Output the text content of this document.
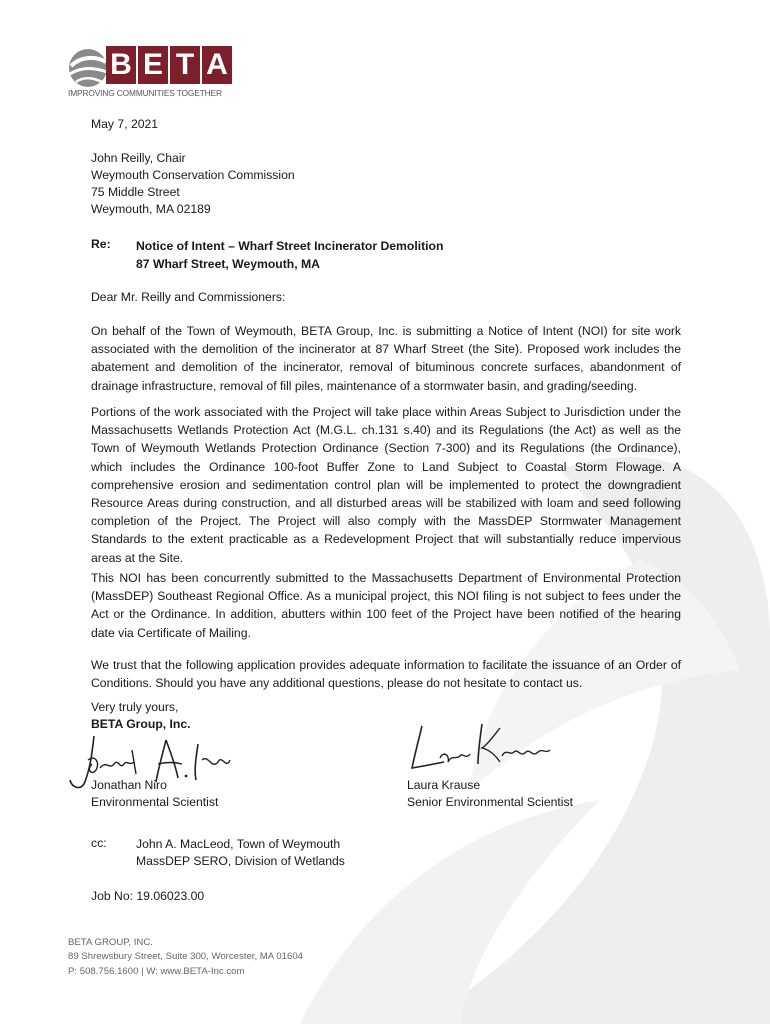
B E T A
IMPROVING COMMUNITIES TOGETHER
May 7, 2021
John Reilly, Chair
Weymouth Conservation Commission
75 Middle Street
Weymouth, MA 02189
Re: Notice of Intent – Wharf Street Incinerator Demolition
87 Wharf Street, Weymouth, MA
Dear Mr. Reilly and Commissioners:
On behalf of the Town of Weymouth, BETA Group, Inc. is submitting a Notice of Intent (NOI) for site work associated with the demolition of the incinerator at 87 Wharf Street (the Site). Proposed work includes the abatement and demolition of the incinerator, removal of bituminous concrete surfaces, abandonment of drainage infrastructure, removal of fill piles, maintenance of a stormwater basin, and grading/seeding.
Portions of the work associated with the Project will take place within Areas Subject to Jurisdiction under the Massachusetts Wetlands Protection Act (M.G.L. ch.131 s.40) and its Regulations (the Act) as well as the Town of Weymouth Wetlands Protection Ordinance (Section 7-300) and its Regulations (the Ordinance), which includes the Ordinance 100-foot Buffer Zone to Land Subject to Coastal Storm Flowage. A comprehensive erosion and sedimentation control plan will be implemented to protect the downgradient Resource Areas during construction, and all disturbed areas will be stabilized with loam and seed following completion of the Project. The Project will also comply with the MassDEP Stormwater Management Standards to the extent practicable as a Redevelopment Project that will substantially reduce impervious areas at the Site.
This NOI has been concurrently submitted to the Massachusetts Department of Environmental Protection (MassDEP) Southeast Regional Office. As a municipal project, this NOI filing is not subject to fees under the Act or the Ordinance. In addition, abutters within 100 feet of the Project have been notified of the hearing date via Certificate of Mailing.
We trust that the following application provides adequate information to facilitate the issuance of an Order of Conditions. Should you have any additional questions, please do not hesitate to contact us.
Very truly yours,
BETA Group, Inc.
Jonathan Niro
Environmental Scientist
Laura Krause
Senior Environmental Scientist
cc: John A. MacLeod, Town of Weymouth
MassDEP SERO, Division of Wetlands
Job No: 19.06023.00
BETA GROUP, INC.
89 Shrewsbury Street, Suite 300, Worcester, MA 01604
P: 508.756.1600 | W: www.BETA-Inc.com
